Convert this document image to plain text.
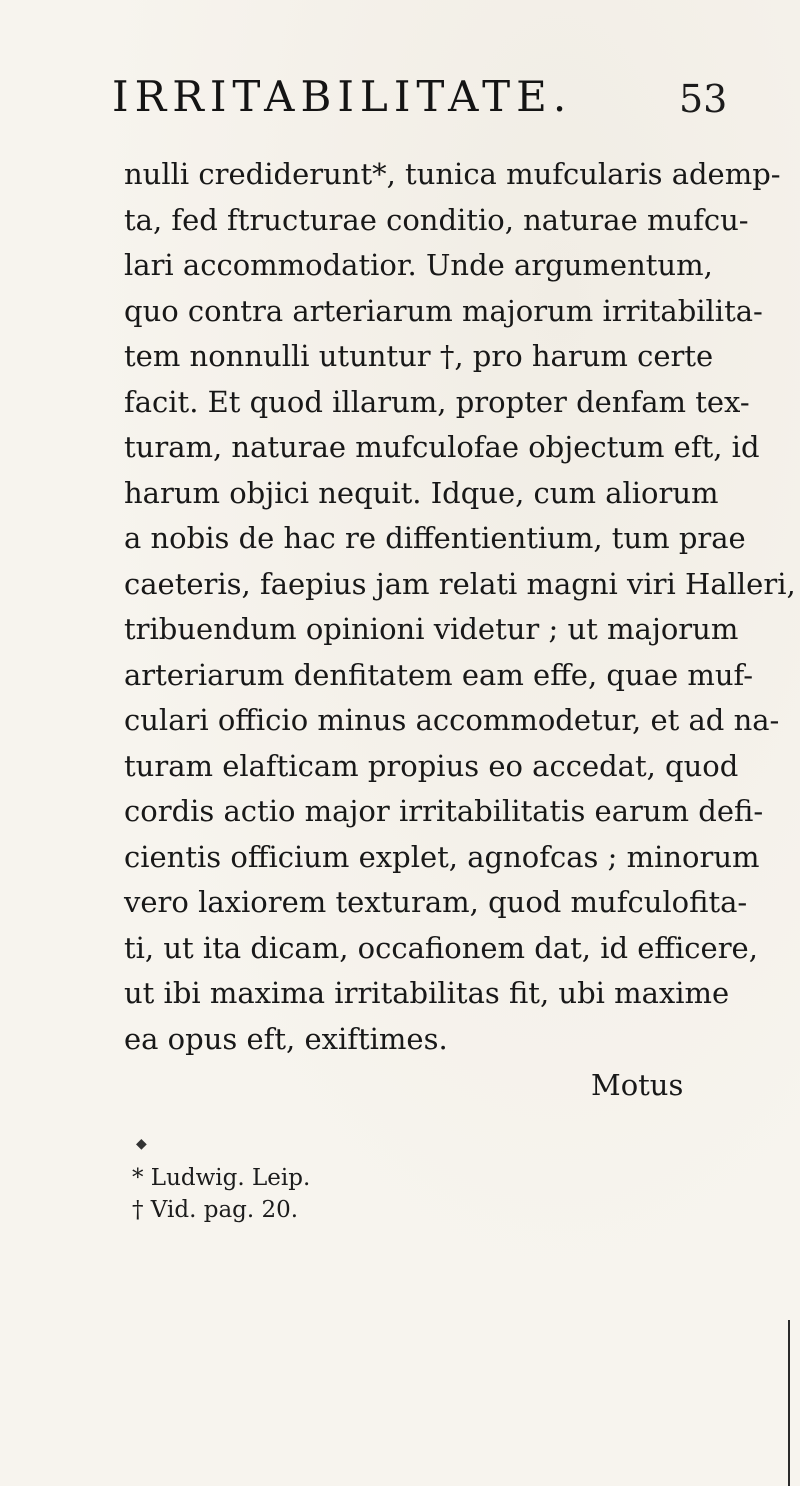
IRRITABILITATE.	53
nulli crediderunt*, tunica mufcularis ademp-
ta, fed ftructurae conditio, naturae mufcu-
lari accommodatior. Unde argumentum,
quo contra arteriarum majorum irritabilita-
tem nonnulli utuntur †, pro harum certe
facit. Et quod illarum, propter denfam tex-
turam, naturae mufculofae objectum eft, id
harum objici nequit. Idque, cum aliorum
a nobis de hac re diffentientium, tum prae
caeteris, faepius jam relati magni viri Halleri,
tribuendum opinioni videtur ; ut majorum
arteriarum denfitatem eam effe, quae muf-
culari officio minus accommodetur, et ad na-
turam elafticam propius eo accedat, quod
cordis actio major irritabilitatis earum defi-
cientis officium explet, agnofcas ; minorum
vero laxiorem texturam, quod mufculofita-
ti, ut ita dicam, occafionem dat, id efficere,
ut ibi maxima irritabilitas fit, ubi maxime
ea opus eft, exiftimes.
Motus
◆
* Ludwig. Leip.
† Vid. pag. 20.
